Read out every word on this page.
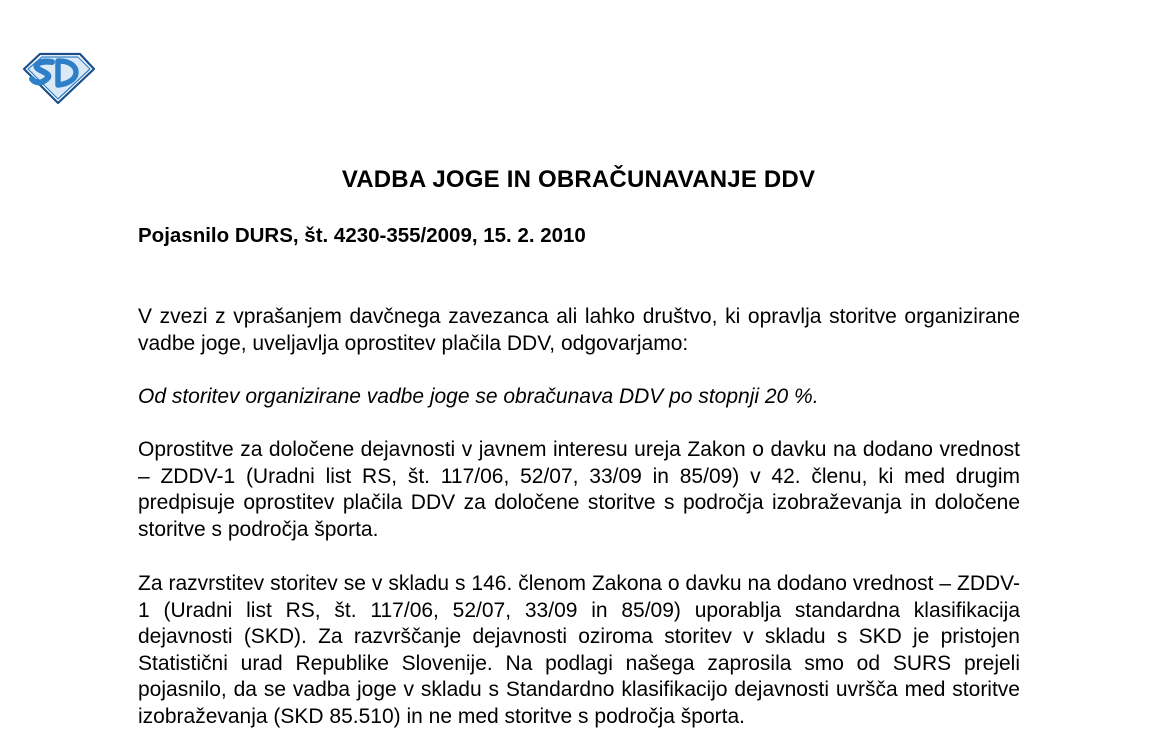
VADBA JOGE IN OBRAČUNAVANJE DDV
Pojasnilo DURS, št. 4230-355/2009, 15. 2. 2010

V zvezi z vprašanjem davčnega zavezanca ali lahko društvo, ki opravlja storitve organizirane vadbe joge, uveljavlja oprostitev plačila DDV, odgovarjamo:

Od storitev organizirane vadbe joge se obračunava DDV po stopnji 20 %.

Oprostitve za določene dejavnosti v javnem interesu ureja Zakon o davku na dodano vrednost – ZDDV-1 (Uradni list RS, št. 117/06, 52/07, 33/09 in 85/09) v 42. členu, ki med drugim predpisuje oprostitev plačila DDV za določene storitve s področja izobraževanja in določene storitve s področja športa.

Za razvrstitev storitev se v skladu s 146. členom Zakona o davku na dodano vrednost – ZDDV-1 (Uradni list RS, št. 117/06, 52/07, 33/09 in 85/09) uporablja standardna klasifikacija dejavnosti (SKD). Za razvrščanje dejavnosti oziroma storitev v skladu s SKD je pristojen Statistični urad Republike Slovenije. Na podlagi našega zaprosila smo od SURS prejeli pojasnilo, da se vadba joge v skladu s Standardno klasifikacijo dejavnosti uvršča med storitve izobraževanja (SKD 85.510) in ne med storitve s področja športa.
